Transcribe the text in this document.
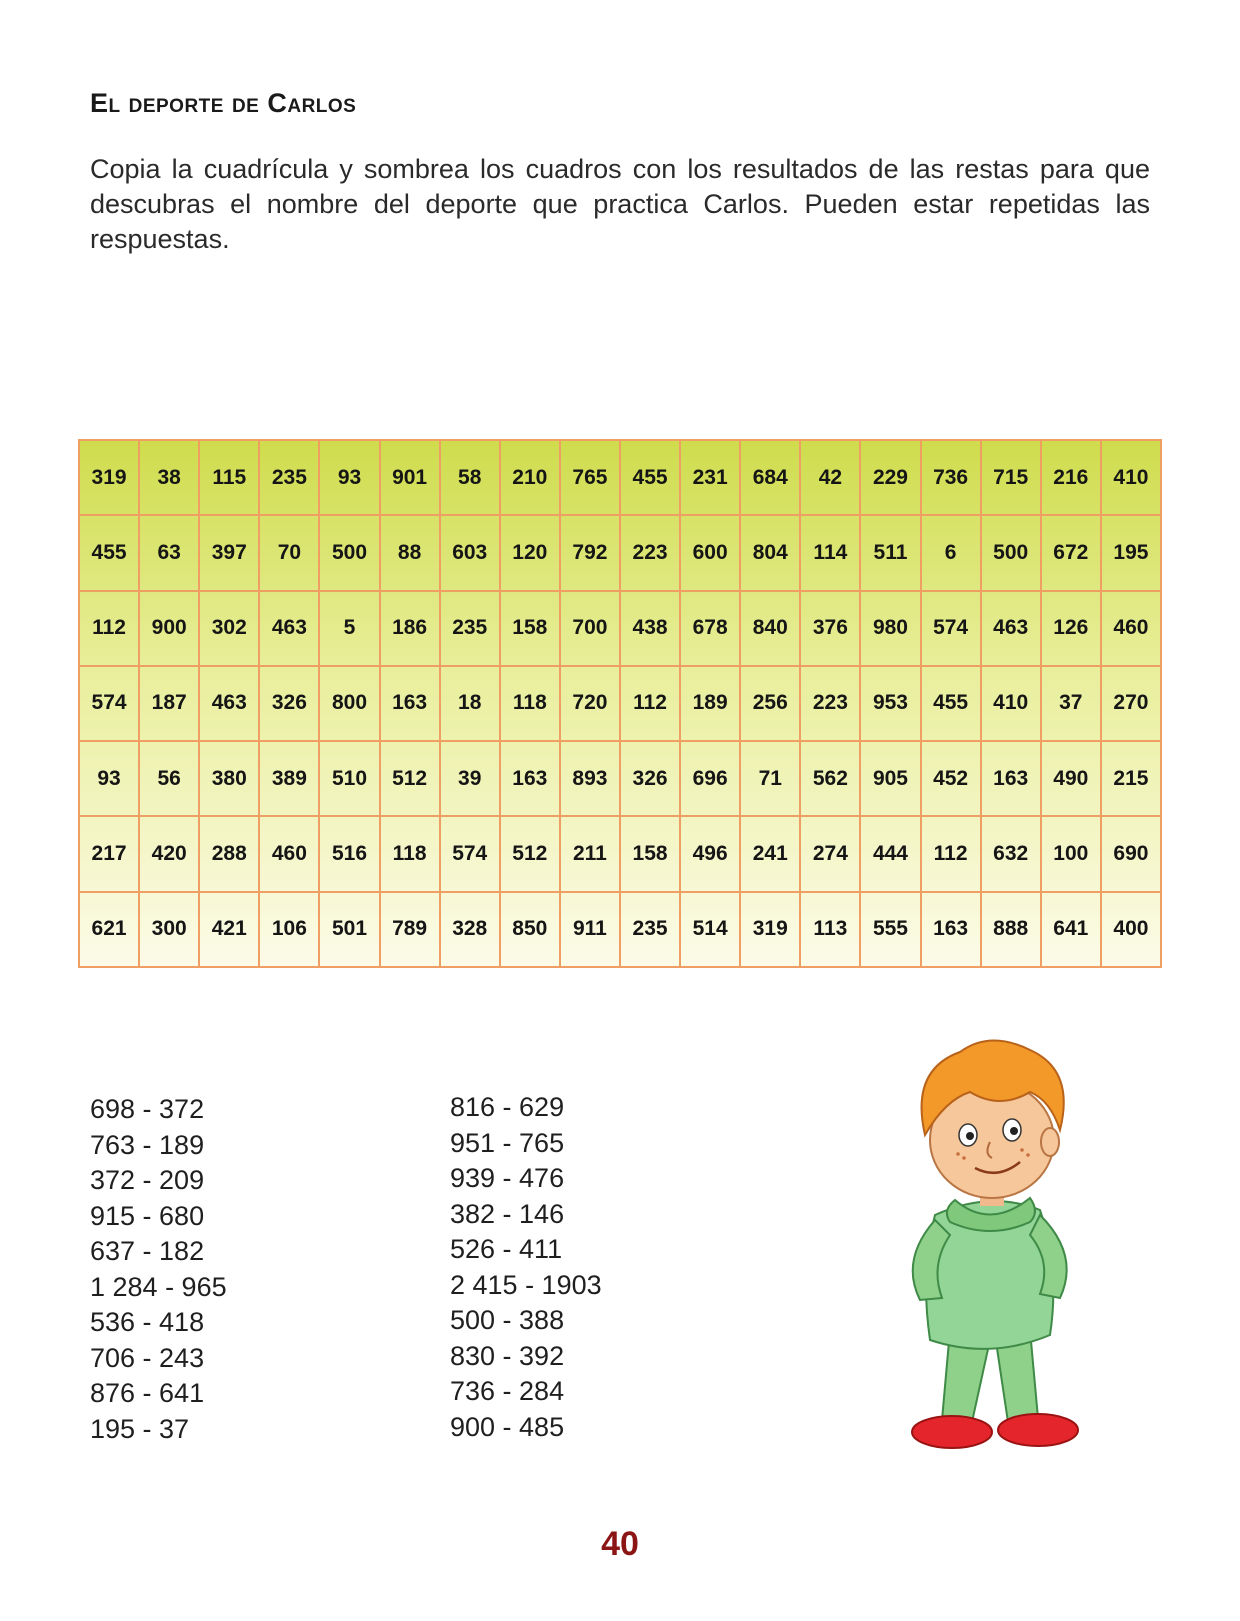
El deporte de Carlos

Copia la cuadrícula y sombrea los cuadros con los resultados de las restas para que descubras el nombre del deporte que practica Carlos. Pueden estar repetidas las respuestas.

319	38	115	235	93	901	58	210	765	455	231	684	42	229	736	715	216	410
455	63	397	70	500	88	603	120	792	223	600	804	114	511	6	500	672	195
112	900	302	463	5	186	235	158	700	438	678	840	376	980	574	463	126	460
574	187	463	326	800	163	18	118	720	112	189	256	223	953	455	410	37	270
93	56	380	389	510	512	39	163	893	326	696	71	562	905	452	163	490	215
217	420	288	460	516	118	574	512	211	158	496	241	274	444	112	632	100	690
621	300	421	106	501	789	328	850	911	235	514	319	113	555	163	888	641	400
698 - 372
763 - 189
372 - 209
915 - 680
637 - 182
1 284 - 965
536 - 418
706 - 243
876 - 641
195 - 37
816 - 629
951 - 765
939 - 476
382 - 146
526 - 411
2 415 - 1903
500 - 388
830 - 392
736 - 284
900 - 485
40
